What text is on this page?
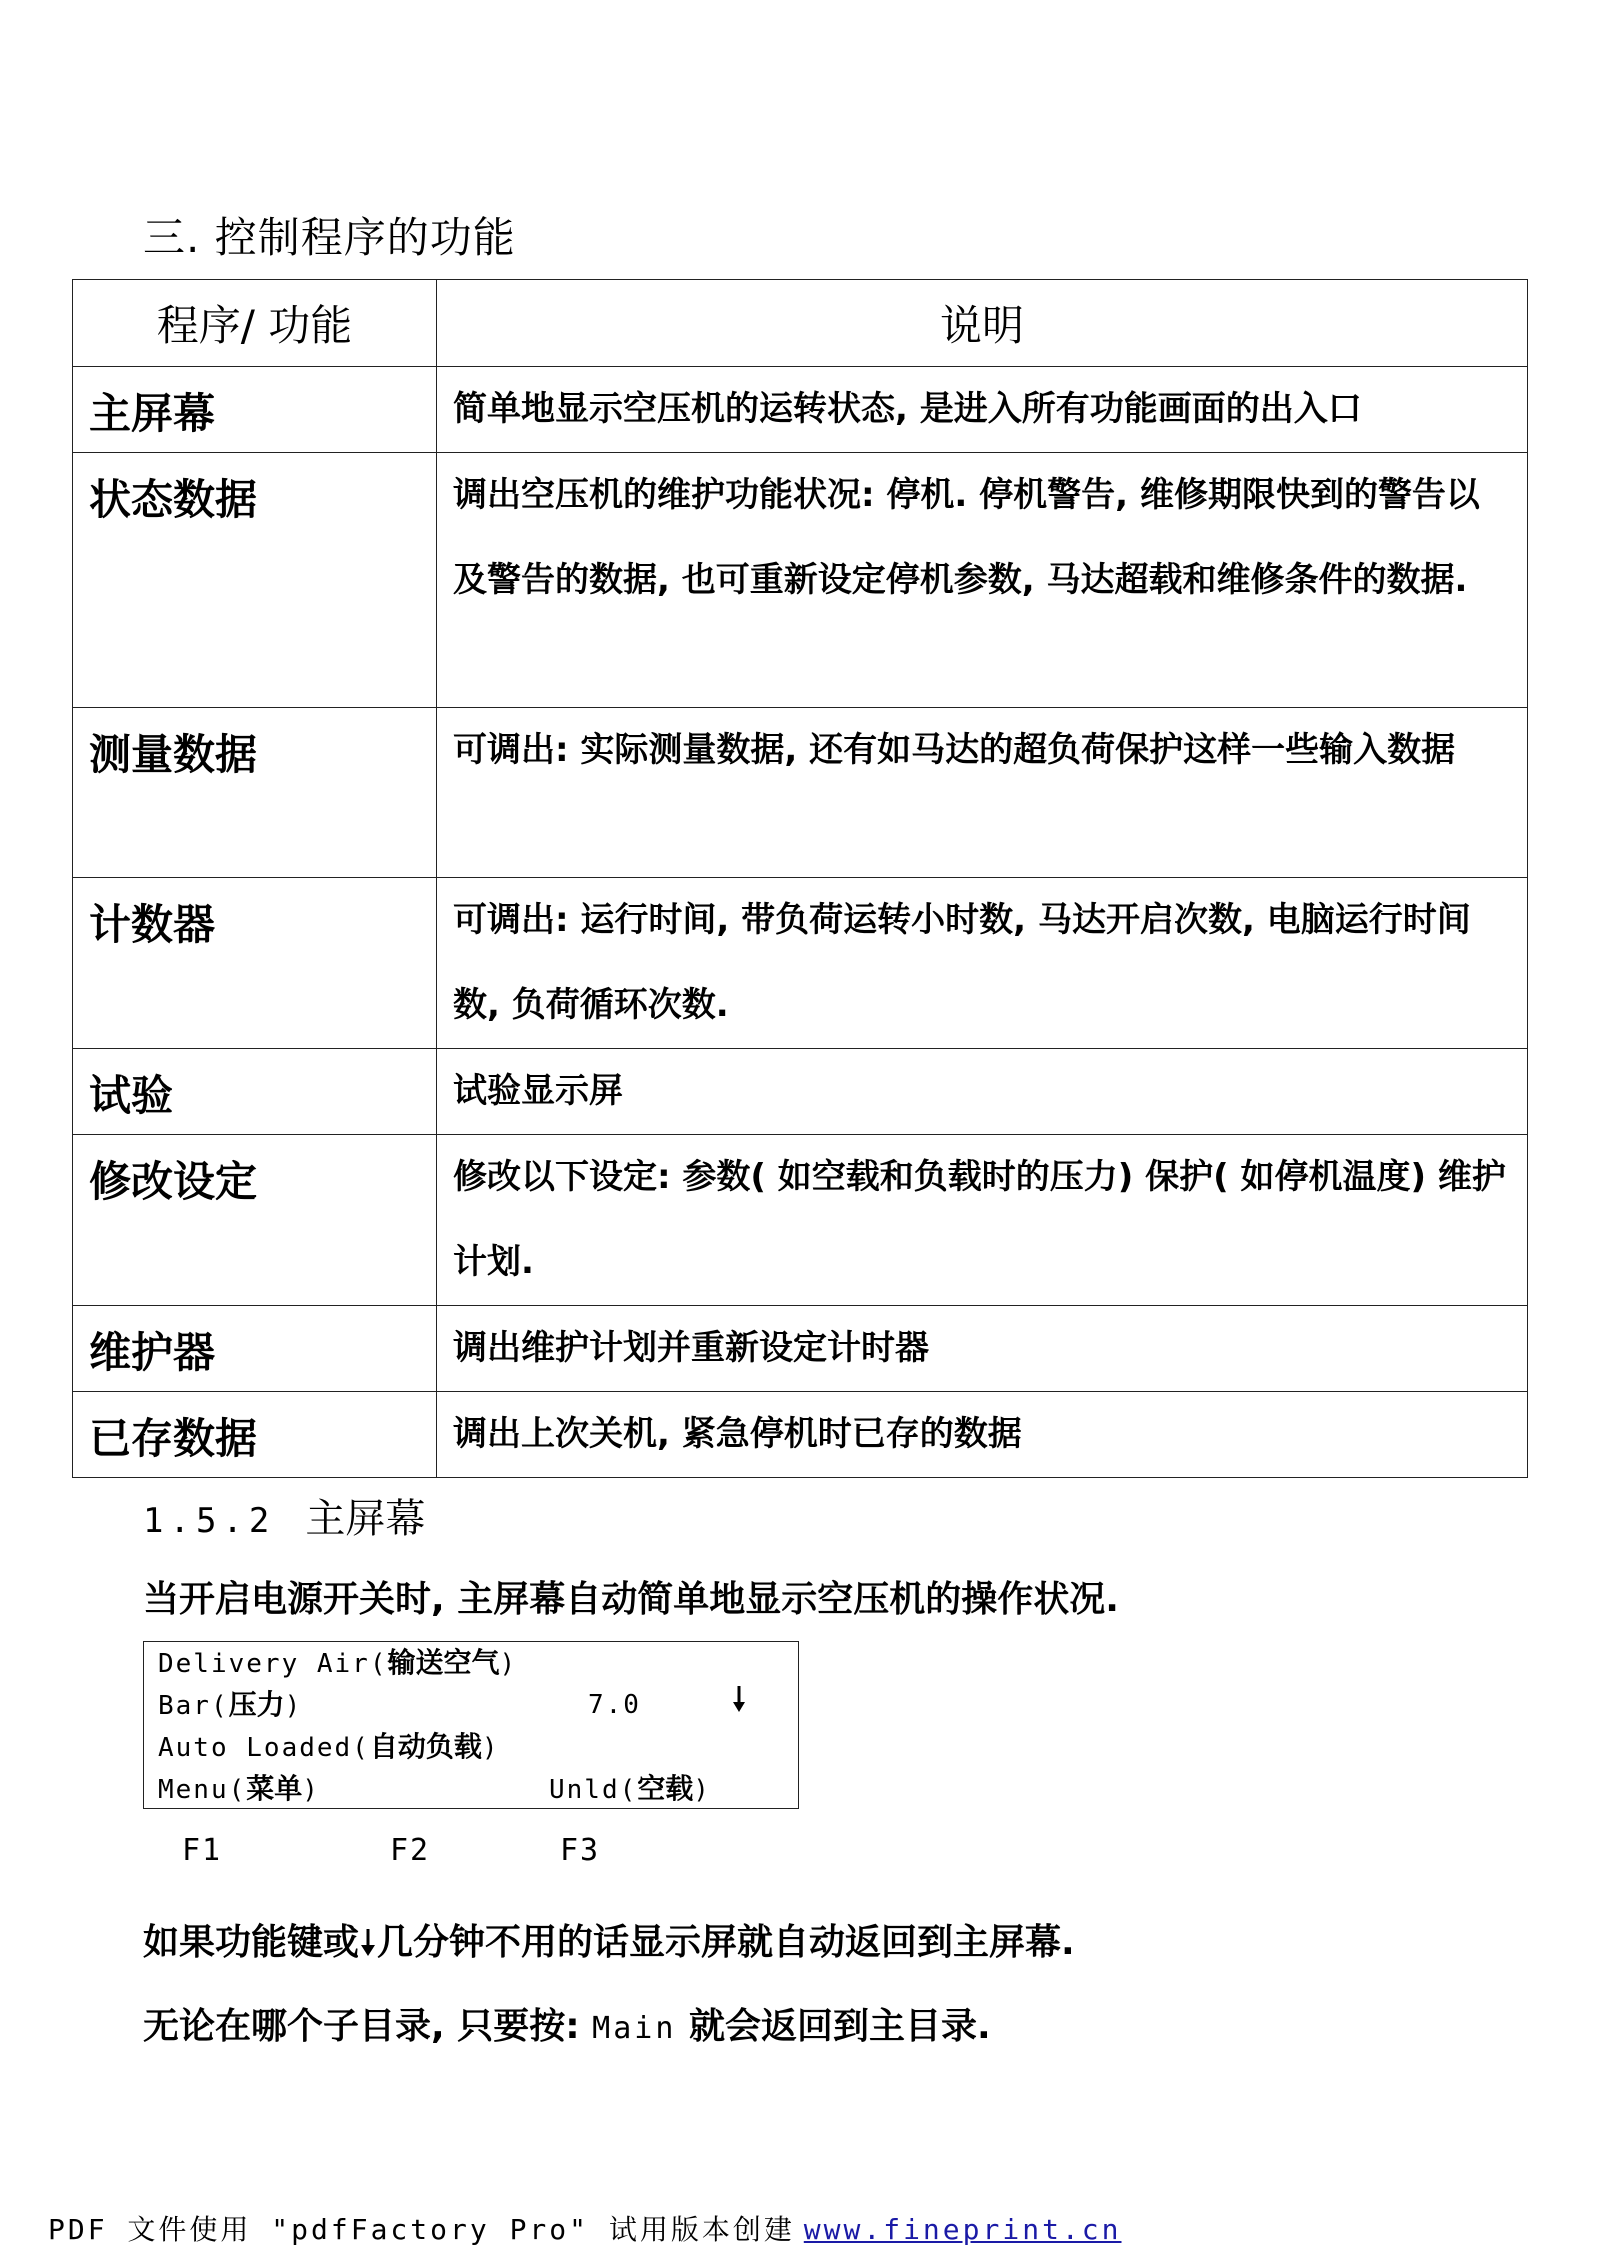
三. 控制程序的功能
程序/ 功能	说明
主屏幕	简单地显示空压机的运转状态, 是进入所有功能画面的出入口
状态数据	调出空压机的维护功能状况: 停机. 停机警告, 维修期限快到的警告以及警告的数据, 也可重新设定停机参数, 马达超载和维修条件的数据.
测量数据	可调出: 实际测量数据, 还有如马达的超负荷保护这样一些输入数据
计数器	可调出: 运行时间, 带负荷运转小时数, 马达开启次数, 电脑运行时间数, 负荷循环次数.
试验	试验显示屏
修改设定	修改以下设定: 参数( 如空载和负载时的压力) 保护( 如停机温度) 维护计划.
维护器	调出维护计划并重新设定计时器
已存数据	调出上次关机, 紧急停机时已存的数据
1.5.2 主屏幕

当开启电源开关时, 主屏幕自动简单地显示空压机的操作状况.

Delivery Air(输送空气)
Bar(压力)	7.0
Auto Loaded(自动负载)
Menu(菜单)	Unld(空载)
F1	F2	F3

如果功能键或 几分钟不用的话显示屏就自动返回到主屏幕.

无论在哪个子目录, 只要按: Main 就会返回到主目录.

PDF 文件使用 "pdfFactory Pro" 试用版本创建 www.fineprint.cn
